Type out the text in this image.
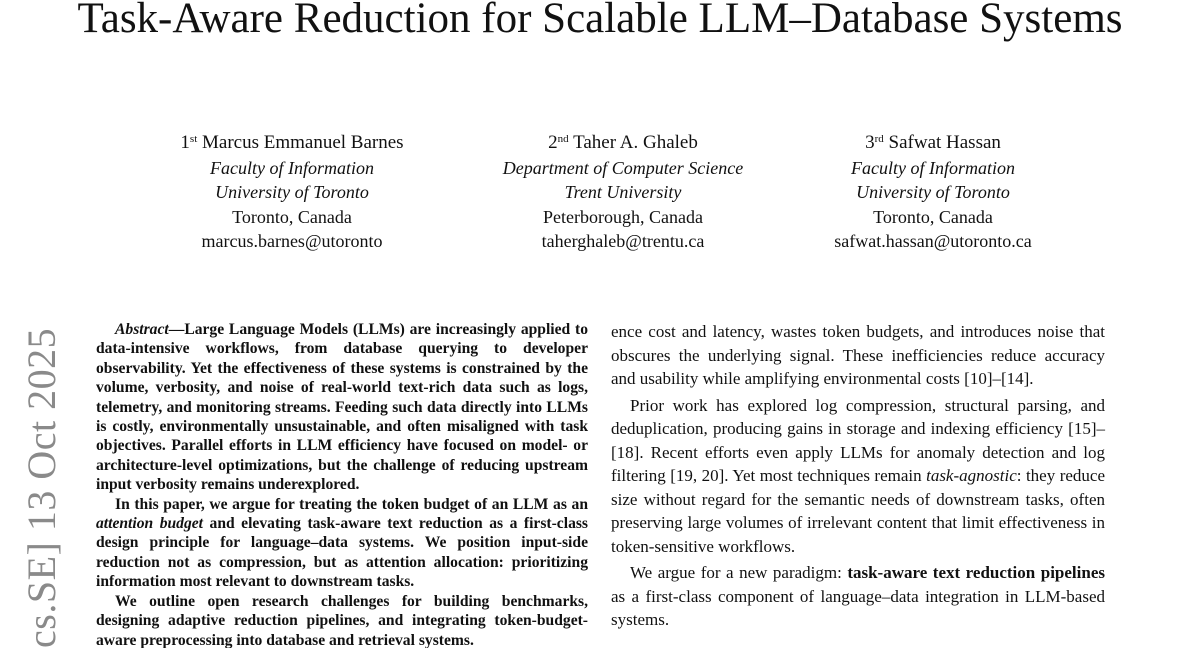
Task-Aware Reduction for Scalable LLM–Database Systems
1st Marcus Emmanuel Barnes
Faculty of Information
University of Toronto
Toronto, Canada
marcus.barnes@utoronto
2nd Taher A. Ghaleb
Department of Computer Science
Trent University
Peterborough, Canada
taherghaleb@trentu.ca
3rd Safwat Hassan
Faculty of Information
University of Toronto
Toronto, Canada
safwat.hassan@utoronto.ca
cs.SE] 13 Oct 2025	Abstract—Large Language Models (LLMs) are increasingly applied to data-intensive workflows, from database querying to developer observability. Yet the effectiveness of these systems is constrained by the volume, verbosity, and noise of real-world text-rich data such as logs, telemetry, and monitoring streams. Feeding such data directly into LLMs is costly, environmentally unsustainable, and often misaligned with task objectives. Parallel efforts in LLM efficiency have focused on model- or architecture-level optimizations, but the challenge of reducing upstream input verbosity remains underexplored.

In this paper, we argue for treating the token budget of an LLM as an attention budget and elevating task-aware text reduction as a first-class design principle for language–data systems. We position input-side reduction not as compression, but as attention allocation: prioritizing information most relevant to downstream tasks.

We outline open research challenges for building benchmarks, designing adaptive reduction pipelines, and integrating token-budget-aware preprocessing into database and retrieval systems.

ence cost and latency, wastes token budgets, and introduces noise that obscures the underlying signal. These inefficiencies reduce accuracy and usability while amplifying environmental costs [10]–[14].

Prior work has explored log compression, structural parsing, and deduplication, producing gains in storage and indexing efficiency [15]–[18]. Recent efforts even apply LLMs for anomaly detection and log filtering [19, 20]. Yet most techniques remain task-agnostic: they reduce size without regard for the semantic needs of downstream tasks, often preserving large volumes of irrelevant content that limit effectiveness in token-sensitive workflows.

We argue for a new paradigm: task-aware text reduction pipelines as a first-class component of language–data integration in LLM-based systems.
